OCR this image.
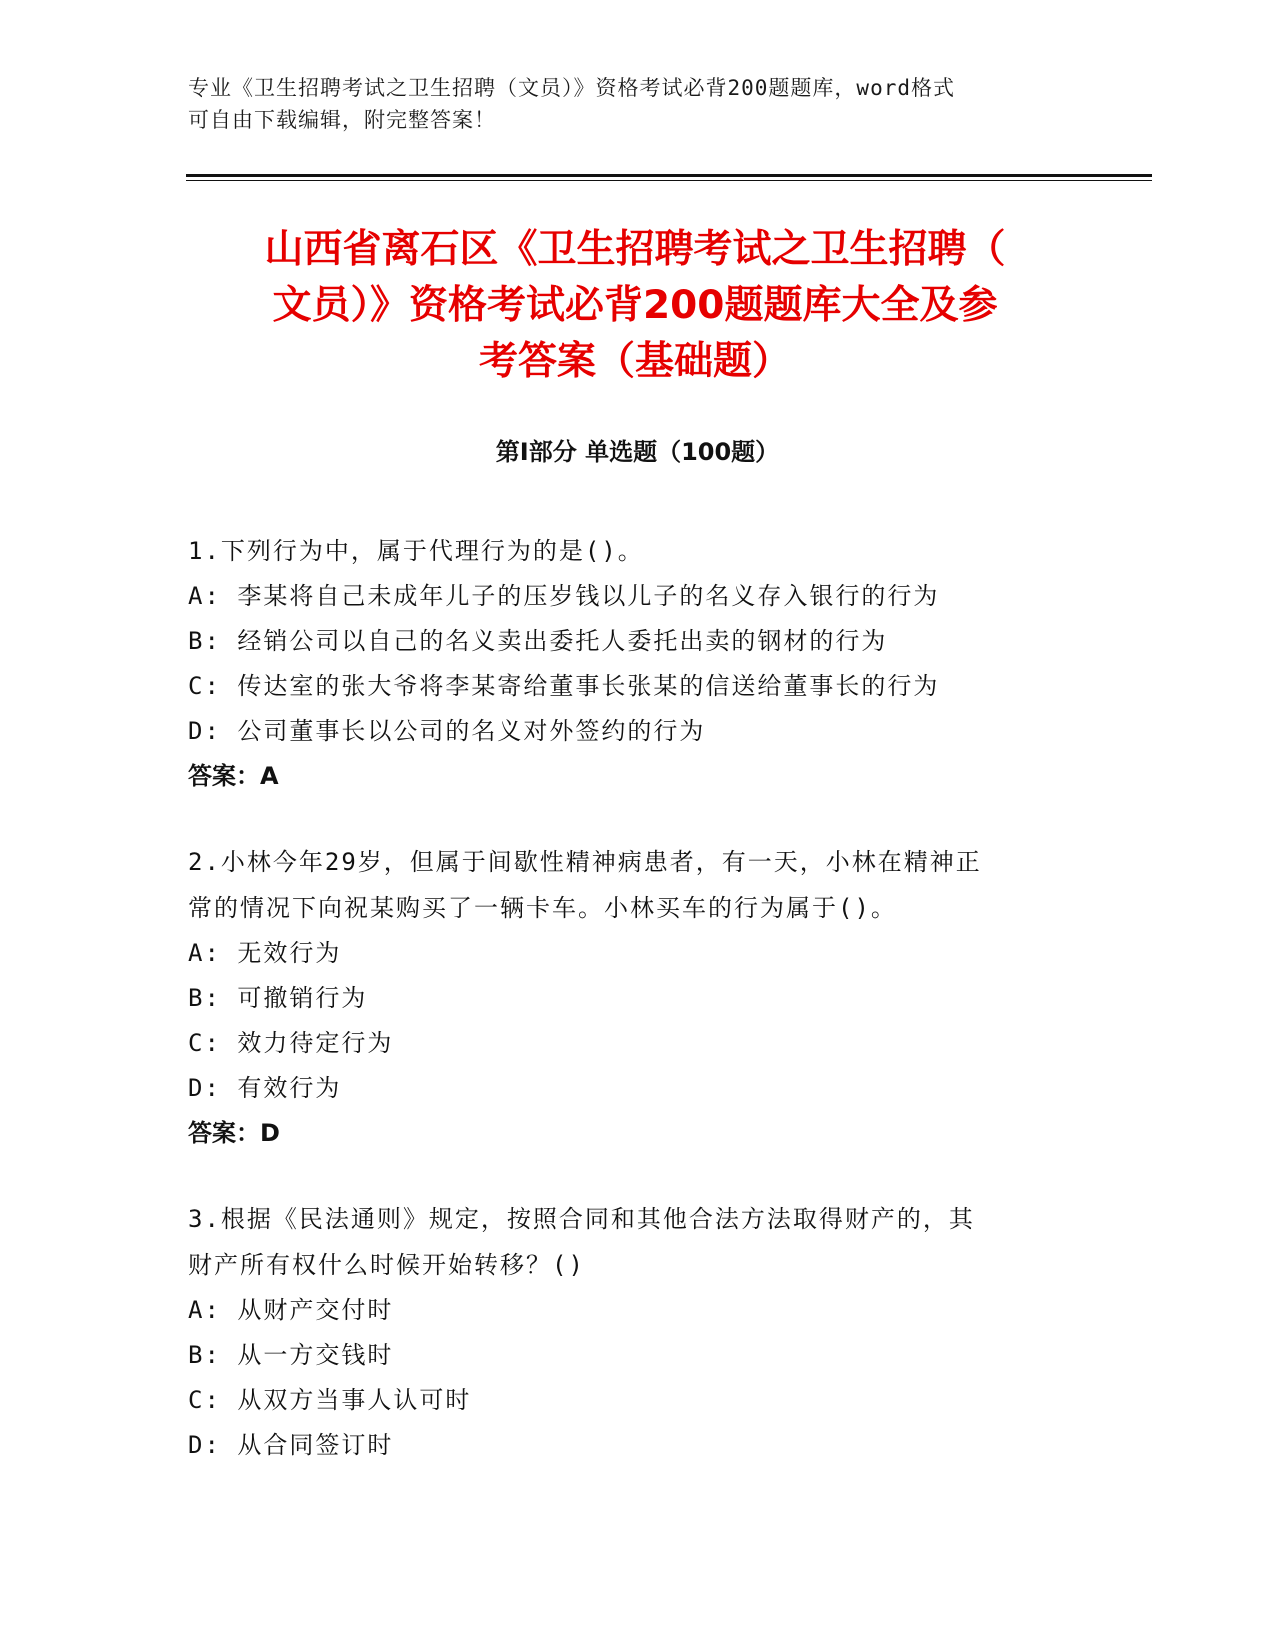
专业《卫生招聘考试之卫生招聘（文员）》资格考试必背200题题库，word格式
可自由下载编辑，附完整答案！
山西省离石区《卫生招聘考试之卫生招聘（
文员）》资格考试必背200题题库大全及参
考答案（基础题）
第I部分 单选题（100题）
1.下列行为中，属于代理行为的是()。
A: 李某将自己未成年儿子的压岁钱以儿子的名义存入银行的行为
B: 经销公司以自己的名义卖出委托人委托出卖的钢材的行为
C: 传达室的张大爷将李某寄给董事长张某的信送给董事长的行为
D: 公司董事长以公司的名义对外签约的行为
答案：A
2.小林今年29岁，但属于间歇性精神病患者，有一天，小林在精神正
常的情况下向祝某购买了一辆卡车。小林买车的行为属于()。
A: 无效行为
B: 可撤销行为
C: 效力待定行为
D: 有效行为
答案：D
3.根据《民法通则》规定，按照合同和其他合法方法取得财产的，其
财产所有权什么时候开始转移？()
A: 从财产交付时
B: 从一方交钱时
C: 从双方当事人认可时
D: 从合同签订时
